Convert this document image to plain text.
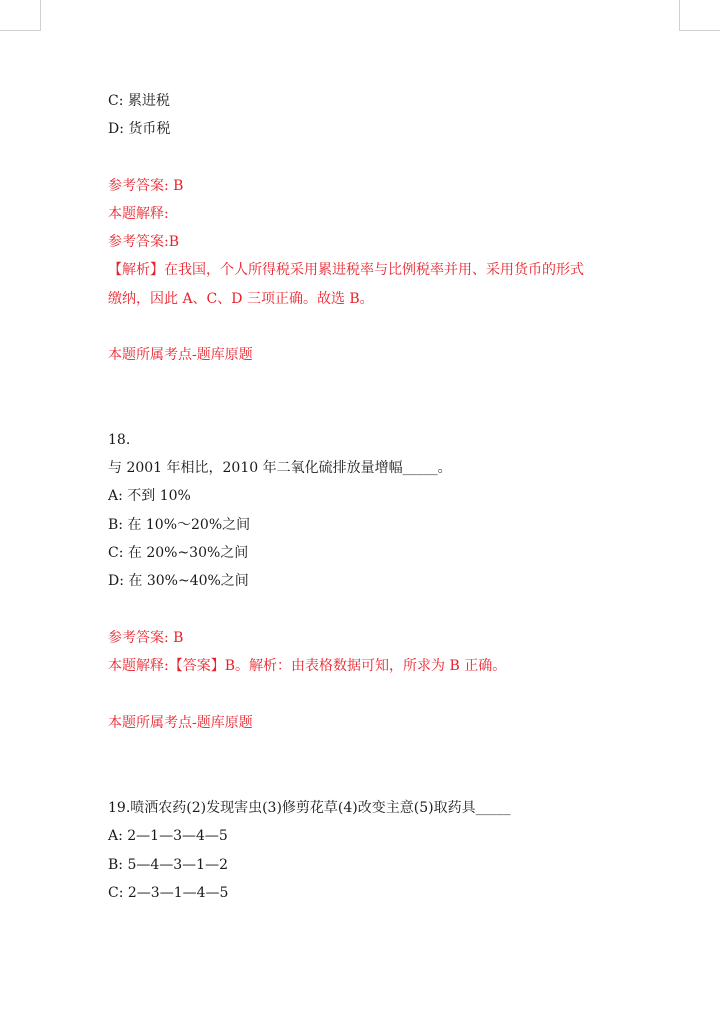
C: 累进税
D: 货币税
参考答案: B
本题解释:
参考答案:B
【解析】在我国，个人所得税采用累进税率与比例税率并用、采用货币的形式
缴纳，因此 A、C、D 三项正确。故选 B。
本题所属考点-题库原题
18.
与 2001 年相比，2010 年二氧化硫排放量增幅_____。
A: 不到 10%
B: 在 10%～20%之间
C: 在 20%~30%之间
D: 在 30%~40%之间
参考答案: B
本题解释:【答案】B。解析：由表格数据可知，所求为 B 正确。
本题所属考点-题库原题
19.喷洒农药(2)发现害虫(3)修剪花草(4)改变主意(5)取药具_____
A: 2—1—3—4—5
B: 5—4—3—1—2
C: 2—3—1—4—5
